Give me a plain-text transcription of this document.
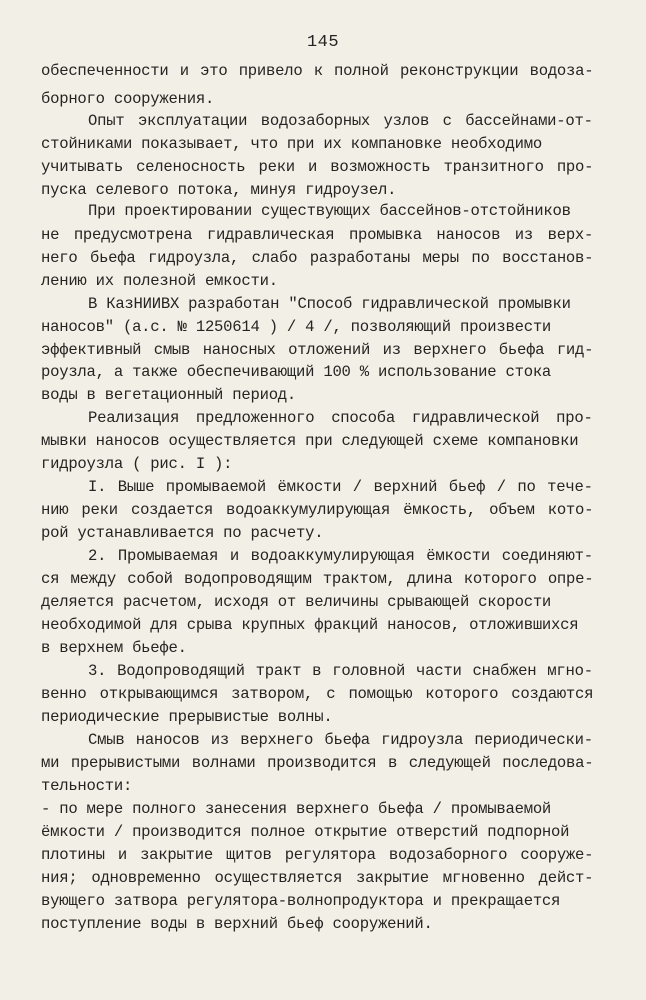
145
обеспеченности и это привело к полной реконструкции водоза-
борного сооружения.
Опыт эксплуатации водозаборных узлов с бассейнами-от-
стойниками показывает, что при их компановке необходимо
учитывать селеносность реки и возможность транзитного про-
пуска селевого потока, минуя гидроузел.
При проектировании существующих бассейнов-отстойников
не предусмотрена гидравлическая промывка наносов из верх-
него бьефа гидроузла, слабо разработаны меры по восстанов-
лению их полезной емкости.
В КазНИИВХ разработан "Способ гидравлической промывки
наносов" (а.с. № 1250614 ) / 4 /, позволяющий произвести
эффективный смыв наносных отложений из верхнего бьефа гид-
роузла, а также обеспечивающий 100 % использование стока
воды в вегетационный период.
Реализация предложенного способа гидравлической про-
мывки наносов осуществляется при следующей схеме компановки
гидроузла ( рис. I ):
I. Выше промываемой ёмкости / верхний бьеф / по тече-
нию реки создается водоаккумулирующая ёмкость, объем кото-
рой устанавливается по расчету.
2. Промываемая и водоаккумулирующая ёмкости соединяют-
ся между собой водопроводящим трактом, длина которого опре-
деляется расчетом, исходя от величины срывающей скорости
необходимой для срыва крупных фракций наносов, отложившихся
в верхнем бьефе.
3. Водопроводящий тракт в головной части снабжен мгно-
венно открывающимся затвором, с помощью которого создаются
периодические прерывистые волны.
Смыв наносов из верхнего бьефа гидроузла периодически-
ми прерывистыми волнами производится в следующей последова-
тельности:
- по мере полного занесения верхнего бьефа / промываемой
ёмкости / производится полное открытие отверстий подпорной
плотины и закрытие щитов регулятора водозаборного сооруже-
ния; одновременно осуществляется закрытие мгновенно дейст-
вующего затвора регулятора-волнопродуктора и прекращается
поступление воды в верхний бьеф сооружений.
